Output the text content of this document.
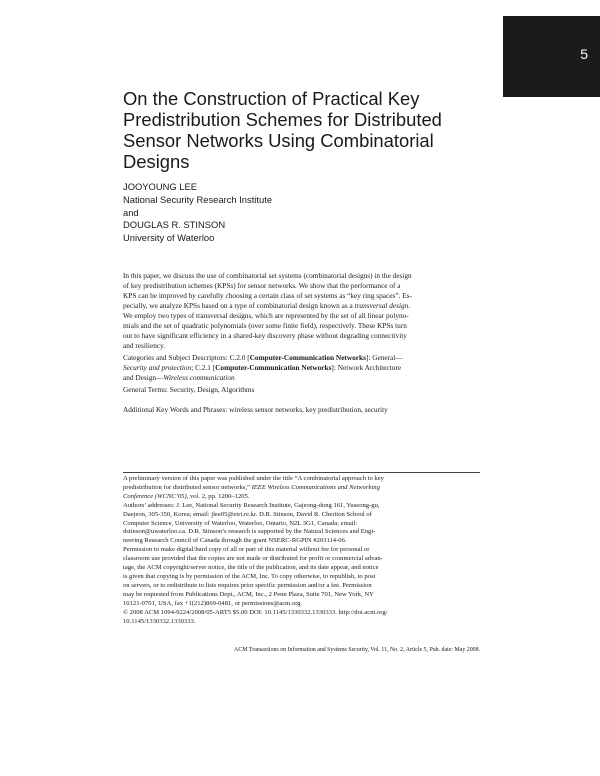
5
On the Construction of Practical Key
Predistribution Schemes for Distributed
Sensor Networks Using Combinatorial
Designs
JOOYOUNG LEE
National Security Research Institute
and
DOUGLAS R. STINSON
University of Waterloo
In this paper, we discuss the use of combinatorial set systems (combinatorial designs) in the design
of key predistribution schemes (KPSs) for sensor networks. We show that the performance of a
KPS can be improved by carefully choosing a certain class of set systems as “key ring spaces”. Es-
pecially, we analyze KPSs based on a type of combinatorial design known as a transversal design.
We employ two types of transversal designs, which are represented by the set of all linear polyno-
mials and the set of quadratic polynomials (over some finite field), respectively. These KPSs turn
out to have significant efficiency in a shared-key discovery phase without degrading connectivity
and resiliency.
Categories and Subject Descriptors: C.2.0 [Computer-Communication Networks]: General—
Security and protection; C.2.1 [Computer-Communication Networks]: Network Architecture
and Design—Wireless communication
General Terms: Security, Design, Algorithms
Additional Key Words and Phrases: wireless sensor networks, key predistribution, security
A preliminary version of this paper was published under the title “A combinatorial approach to key
predistribution for distributed sensor networks,” IEEE Wireless Communications and Networking
Conference (WCNC’05), vol. 2, pp. 1200–1205.
Authors’ addresses: J. Lee, National Security Research Institute, Gajeong-dong 161, Yuseong-gu,
Daejeon, 305-350, Korea; email: jlee05@etri.re.kr. D.R. Stinson, David R. Cheriton School of
Computer Science, University of Waterloo, Waterloo, Ontario, N2L 3G1, Canada; email:
dstinson@uwaterloo.ca. D.R. Stinson’s research is supported by the Natural Sciences and Engi-
neering Research Council of Canada through the grant NSERC-RGPIN #203114-06.
Permission to make digital/hard copy of all or part of this material without fee for personal or
classroom use provided that the copies are not made or distributed for profit or commercial advan-
tage, the ACM copyright/server notice, the title of the publication, and its date appear, and notice
is given that copying is by permission of the ACM, Inc. To copy otherwise, to republish, to post
on servers, or to redistribute to lists requires prior specific permission and/or a fee. Permission
may be requested from Publications Dept., ACM, Inc., 2 Penn Plaza, Suite 701, New York, NY
10121-0701, USA, fax +1(212)869-0481, or permissions@acm.org.
© 2008 ACM 1094-9224/2008/05-ART5 $5.00 DOI: 10.1145/1330332.1330333. http://doi.acm.org/
10.1145/1330332.1330333.
ACM Transactions on Information and Systems Security, Vol. 11, No. 2, Article 5, Pub. date: May 2008.
